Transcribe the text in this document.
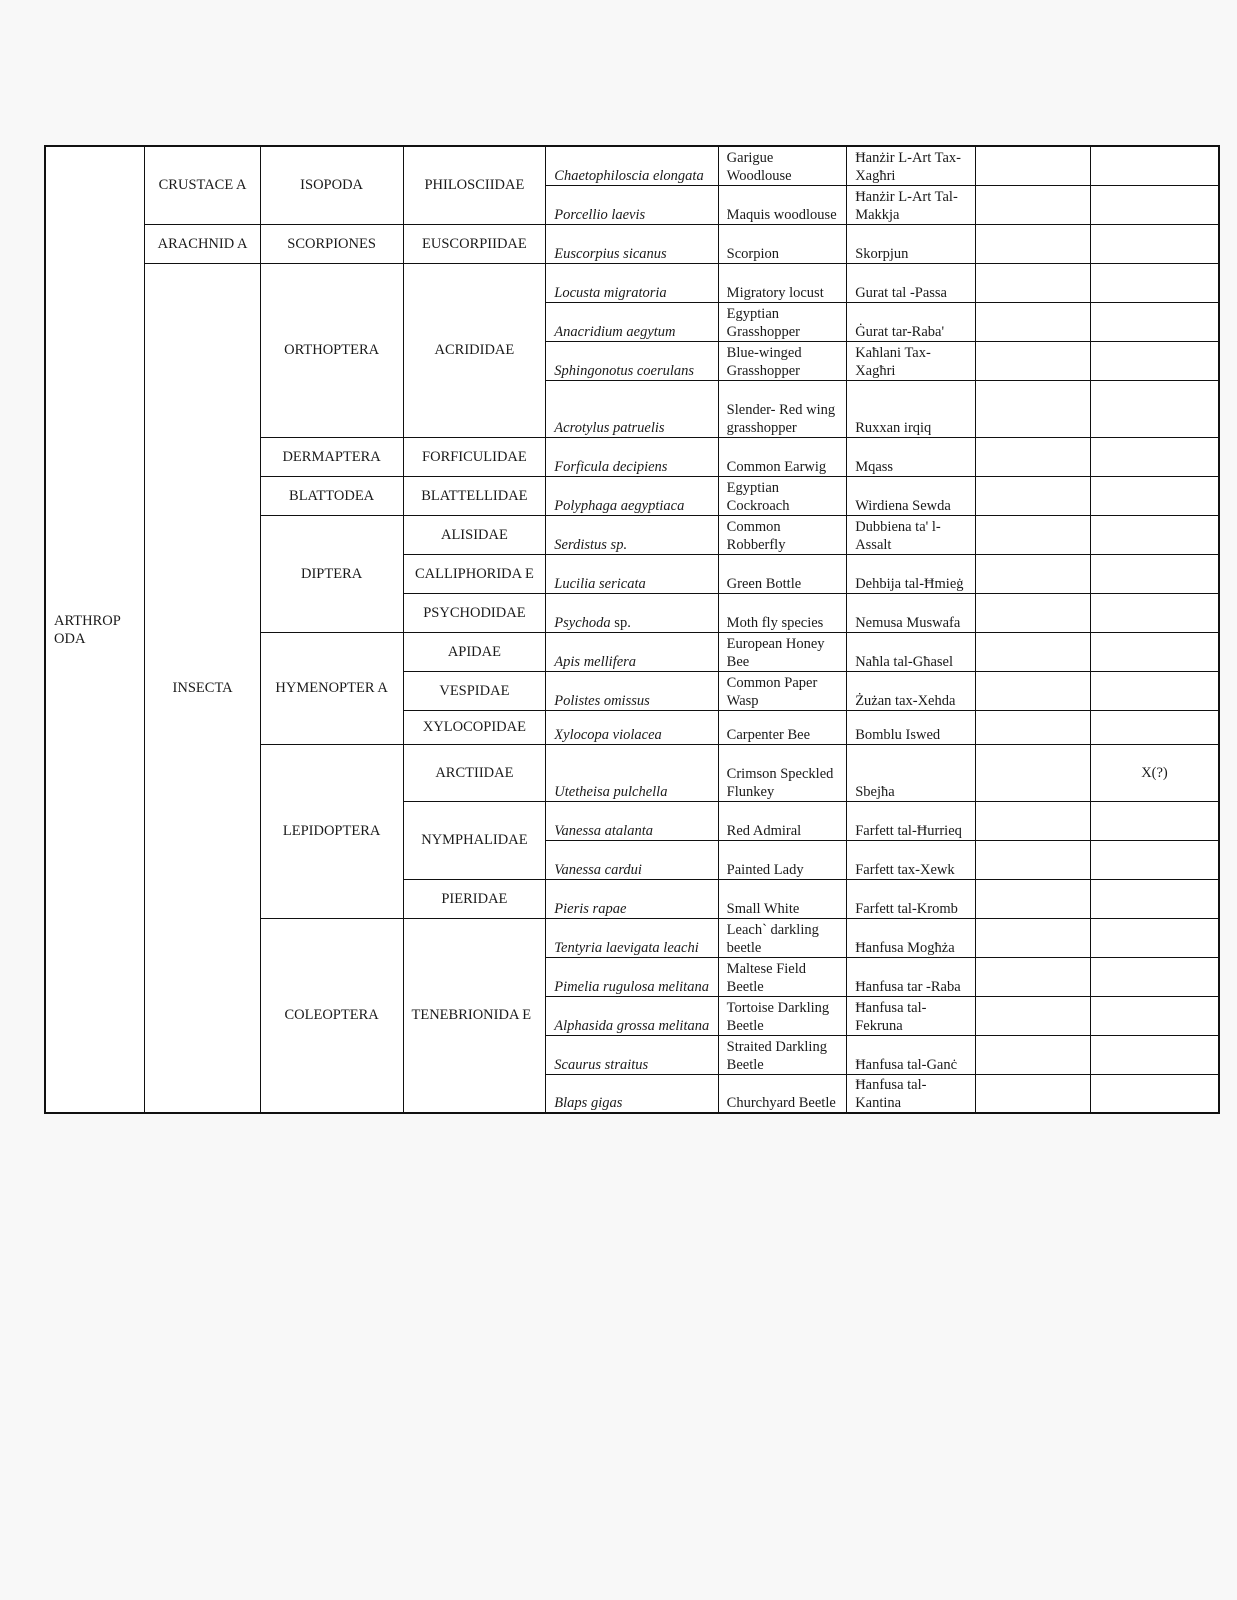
ARTHROP ODA	CRUSTACE A	ISOPODA	PHILOSCIIDAE	Chaetophiloscia elongata	Garigue Woodlouse	Ħanżir L-Art Tax-Xagħri		
				Porcellio laevis	Maquis woodlouse	Ħanżir L-Art Tal-Makkja		
	ARACHNID A	SCORPIONES	EUSCORPIIDAE	Euscorpius sicanus	Scorpion	Skorpjun		
	INSECTA	ORTHOPTERA	ACRIDIDAE	Locusta migratoria	Migratory locust	Gurat tal -Passa		
				Anacridium aegytum	Egyptian Grasshopper	Ġurat tar-Raba'		
				Sphingonotus coerulans	Blue-winged Grasshopper	Kaħlani Tax-Xagħri		
				Acrotylus patruelis	Slender- Red wing grasshopper	Ruxxan irqiq		
		DERMAPTERA	FORFICULIDAE	Forficula decipiens	Common Earwig	Mqass		
		BLATTODEA	BLATTELLIDAE	Polyphaga aegyptiaca	Egyptian Cockroach	Wirdiena Sewda		
		DIPTERA	ALISIDAE	Serdistus sp.	Common Robberfly	Dubbiena ta' l-Assalt		
			CALLIPHORIDA E	Lucilia sericata	Green Bottle	Dehbija tal-Ħmieġ		
			PSYCHODIDAE	Psychoda sp.	Moth fly species	Nemusa Muswafa		
		HYMENOPTER A	APIDAE	Apis mellifera	European Honey Bee	Naħla tal-Għasel		
			VESPIDAE	Polistes omissus	Common Paper Wasp	Żużan tax-Xehda		
			XYLOCOPIDAE	Xylocopa violacea	Carpenter Bee	Bomblu Iswed		
		LEPIDOPTERA	ARCTIIDAE	Utetheisa pulchella	Crimson Speckled Flunkey	Sbejħa		X(?)
			NYMPHALIDAE	Vanessa atalanta	Red Admiral	Farfett tal-Ħurrieq		
				Vanessa cardui	Painted Lady	Farfett tax-Xewk		
			PIERIDAE	Pieris rapae	Small White	Farfett tal-Kromb		
		COLEOPTERA	TENEBRIONIDA E	Tentyria laevigata leachi	Leach` darkling beetle	Ħanfusa Mogħża		
				Pimelia rugulosa melitana	Maltese Field Beetle	Ħanfusa tar -Raba		
				Alphasida grossa melitana	Tortoise Darkling Beetle	Ħanfusa tal-Fekruna		
				Scaurus straitus	Straited Darkling Beetle	Ħanfusa tal-Ganċ		
				Blaps gigas	Churchyard Beetle	Ħanfusa tal-Kantina		
